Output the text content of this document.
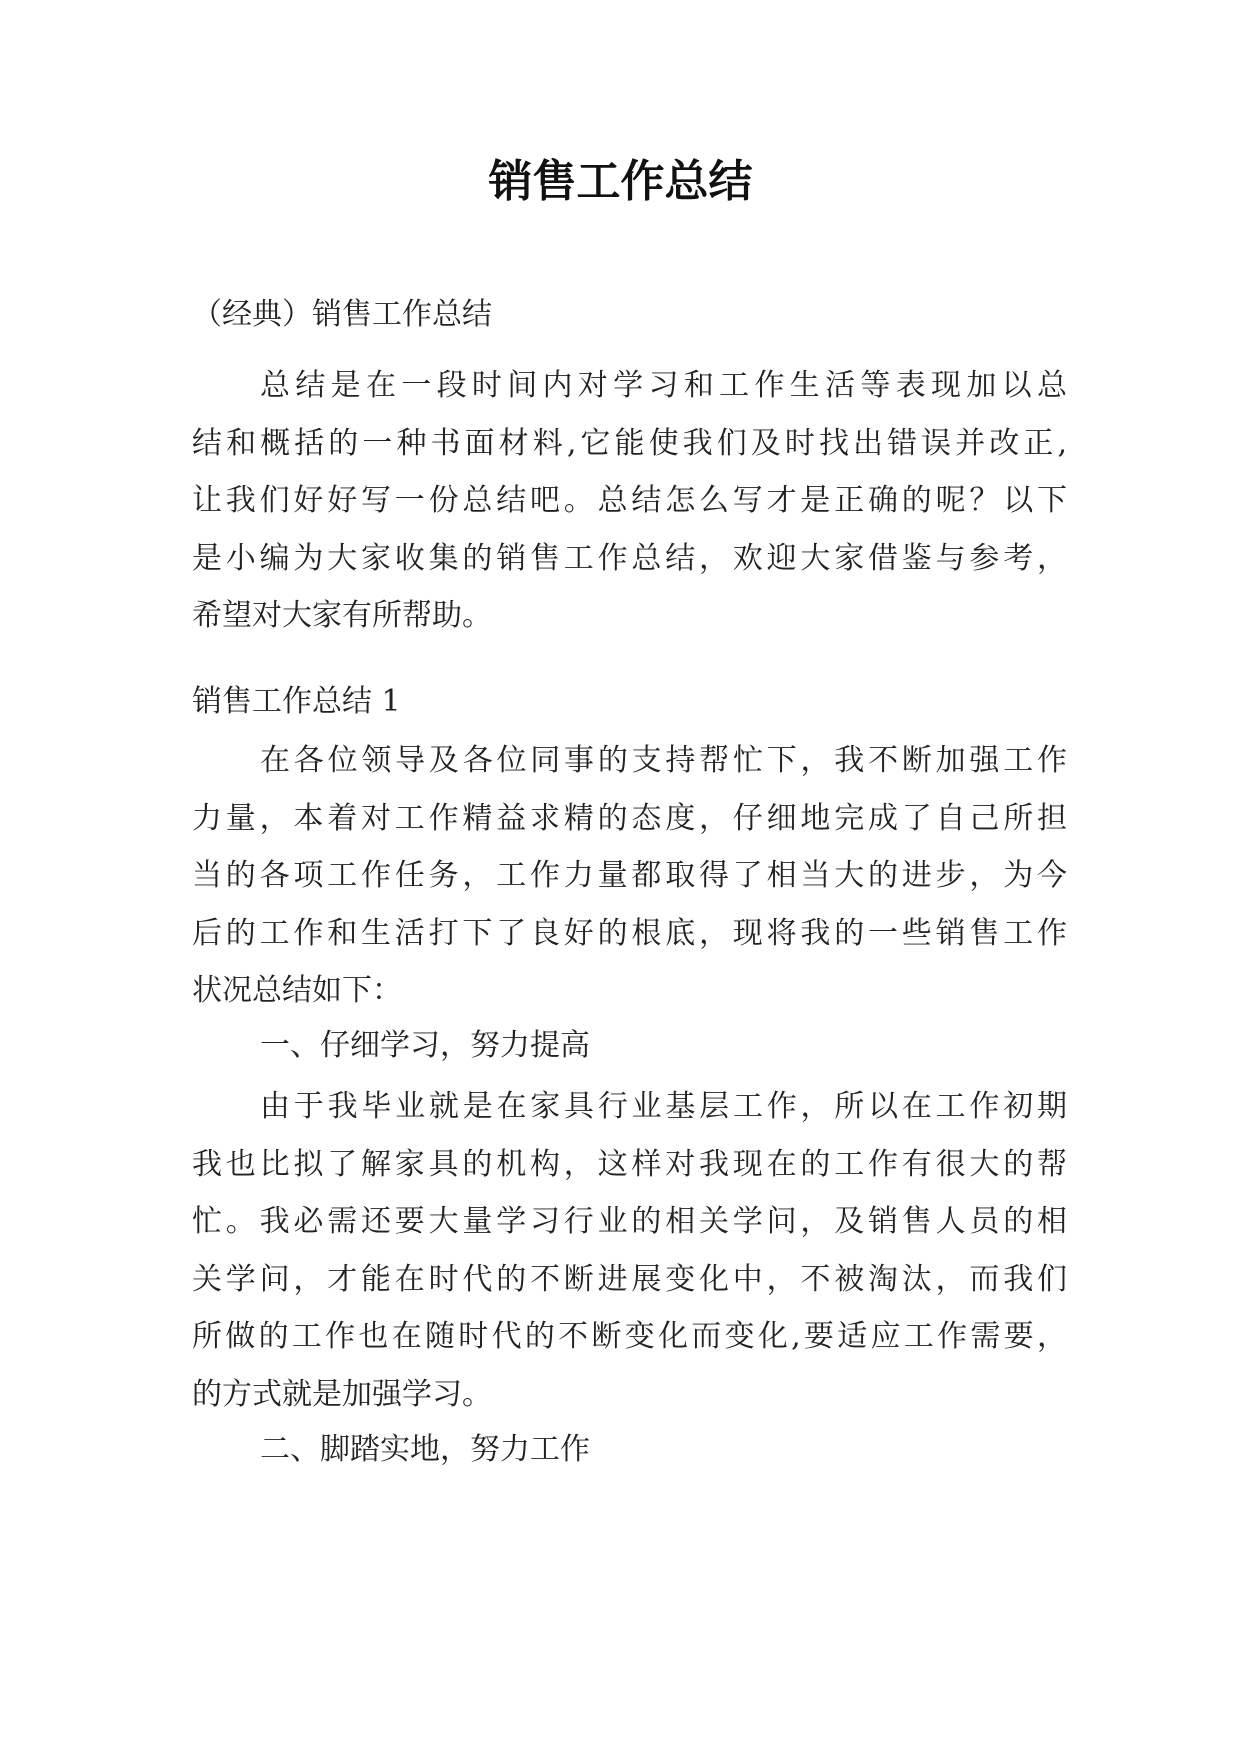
销售工作总结
（经典）销售工作总结
总结是在一段时间内对学习和工作生活等表现加以总
结和概括的一种书面材料,它能使我们及时找出错误并改正,
让我们好好写一份总结吧。总结怎么写才是正确的呢？以下
是小编为大家收集的销售工作总结，欢迎大家借鉴与参考，
希望对大家有所帮助。
销售工作总结 1
在各位领导及各位同事的支持帮忙下，我不断加强工作
力量，本着对工作精益求精的态度，仔细地完成了自己所担
当的各项工作任务，工作力量都取得了相当大的进步，为今
后的工作和生活打下了良好的根底，现将我的一些销售工作
状况总结如下：
一、仔细学习，努力提高
由于我毕业就是在家具行业基层工作，所以在工作初期
我也比拟了解家具的机构，这样对我现在的工作有很大的帮
忙。我必需还要大量学习行业的相关学问，及销售人员的相
关学问，才能在时代的不断进展变化中，不被淘汰，而我们
所做的工作也在随时代的不断变化而变化,要适应工作需要，
的方式就是加强学习。
二、脚踏实地，努力工作
